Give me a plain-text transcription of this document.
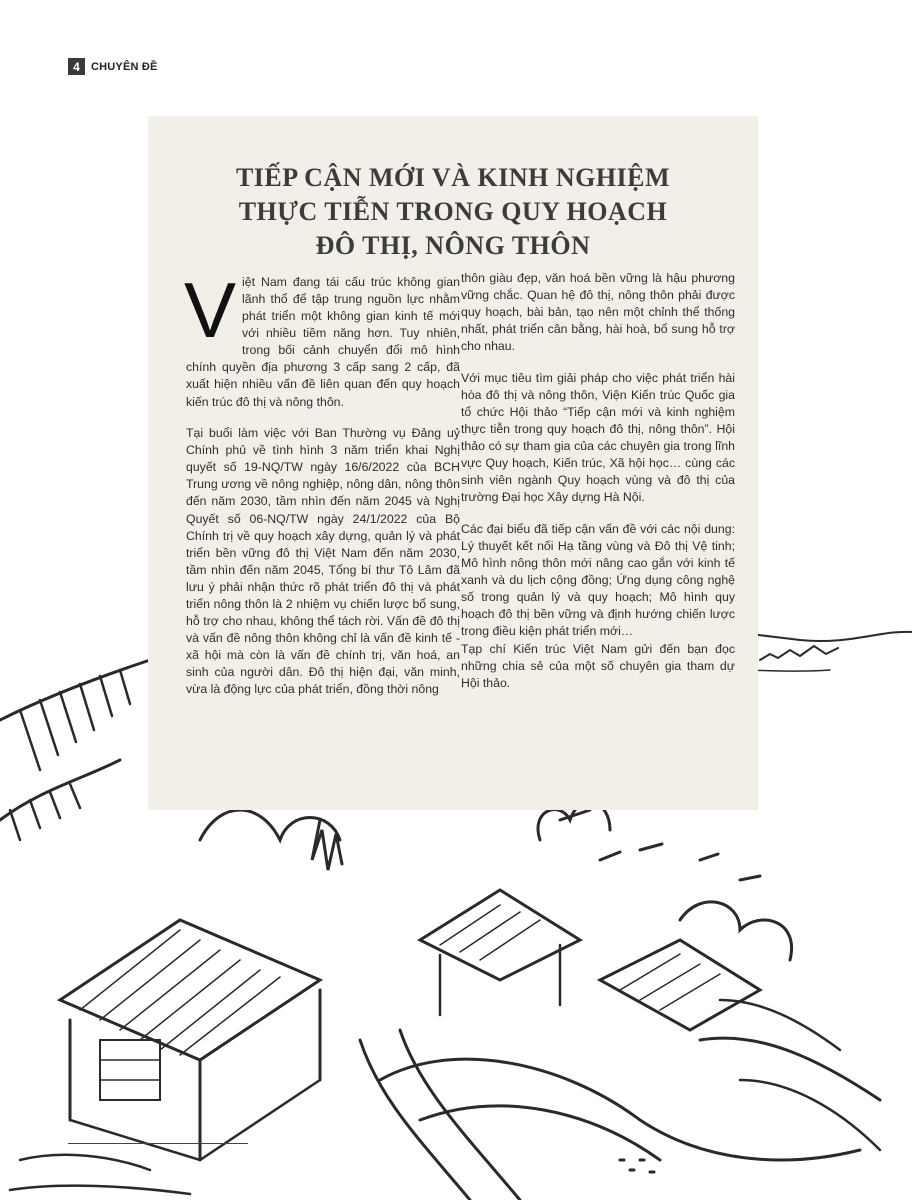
4	CHUYÊN ĐỀ
TIẾP CẬN MỚI VÀ KINH NGHIỆM
THỰC TIỄN TRONG QUY HOẠCH
ĐÔ THỊ, NÔNG THÔN

Việt Nam đang tái cấu trúc không gian lãnh thổ để tập trung nguồn lực nhằm phát triển một không gian kinh tế mới với nhiều tiềm năng hơn. Tuy nhiên, trong bối cảnh chuyển đổi mô hình chính quyền địa phương 3 cấp sang 2 cấp, đã xuất hiện nhiều vấn đề liên quan đến quy hoạch kiến trúc đô thị và nông thôn.

Tại buổi làm việc với Ban Thường vụ Đảng uỷ Chính phủ về tình hình 3 năm triển khai Nghị quyết số 19-NQ/TW ngày 16/6/2022 của BCH Trung ương về nông nghiệp, nông dân, nông thôn đến năm 2030, tầm nhìn đến năm 2045 và Nghị Quyết số 06-NQ/TW ngày 24/1/2022 của Bộ Chính trị về quy hoạch xây dựng, quản lý và phát triển bền vững đô thị Việt Nam đến năm 2030, tầm nhìn đến năm 2045, Tổng bí thư Tô Lâm đã lưu ý phải nhận thức rõ phát triển đô thị và phát triển nông thôn là 2 nhiệm vụ chiến lược bổ sung, hỗ trợ cho nhau, không thể tách rời. Vấn đề đô thị và vấn đề nông thôn không chỉ là vấn đề kinh tế - xã hội mà còn là vấn đề chính trị, văn hoá, an sinh của người dân. Đô thị hiện đại, văn minh, vừa là động lực của phát triển, đồng thời nông

thôn giàu đẹp, văn hoá bền vững là hậu phương vững chắc. Quan hệ đô thị, nông thôn phải được quy hoạch, bài bản, tạo nên một chỉnh thể thống nhất, phát triển cân bằng, hài hoà, bổ sung hỗ trợ cho nhau.

Với mục tiêu tìm giải pháp cho việc phát triển hài hòa đô thị và nông thôn, Viện Kiến trúc Quốc gia tổ chức Hội thảo “Tiếp cận mới và kinh nghiệm thực tiễn trong quy hoạch đô thị, nông thôn”. Hội thảo có sự tham gia của các chuyên gia trong lĩnh vực Quy hoạch, Kiến trúc, Xã hội học… cùng các sinh viên ngành Quy hoạch vùng và đô thị của trường Đại học Xây dựng Hà Nội.

Các đại biểu đã tiếp cận vấn đề với các nội dung: Lý thuyết kết nối Hạ tầng vùng và Đô thị Vệ tinh; Mô hình nông thôn mới nâng cao gắn với kinh tế xanh và du lịch cộng đồng; Ứng dụng công nghệ số trong quản lý và quy hoạch; Mô hình quy hoạch đô thị bền vững và định hướng chiến lược trong điều kiện phát triển mới…

Tạp chí Kiến trúc Việt Nam gửi đến bạn đọc những chia sẻ của một số chuyên gia tham dự Hội thảo.
